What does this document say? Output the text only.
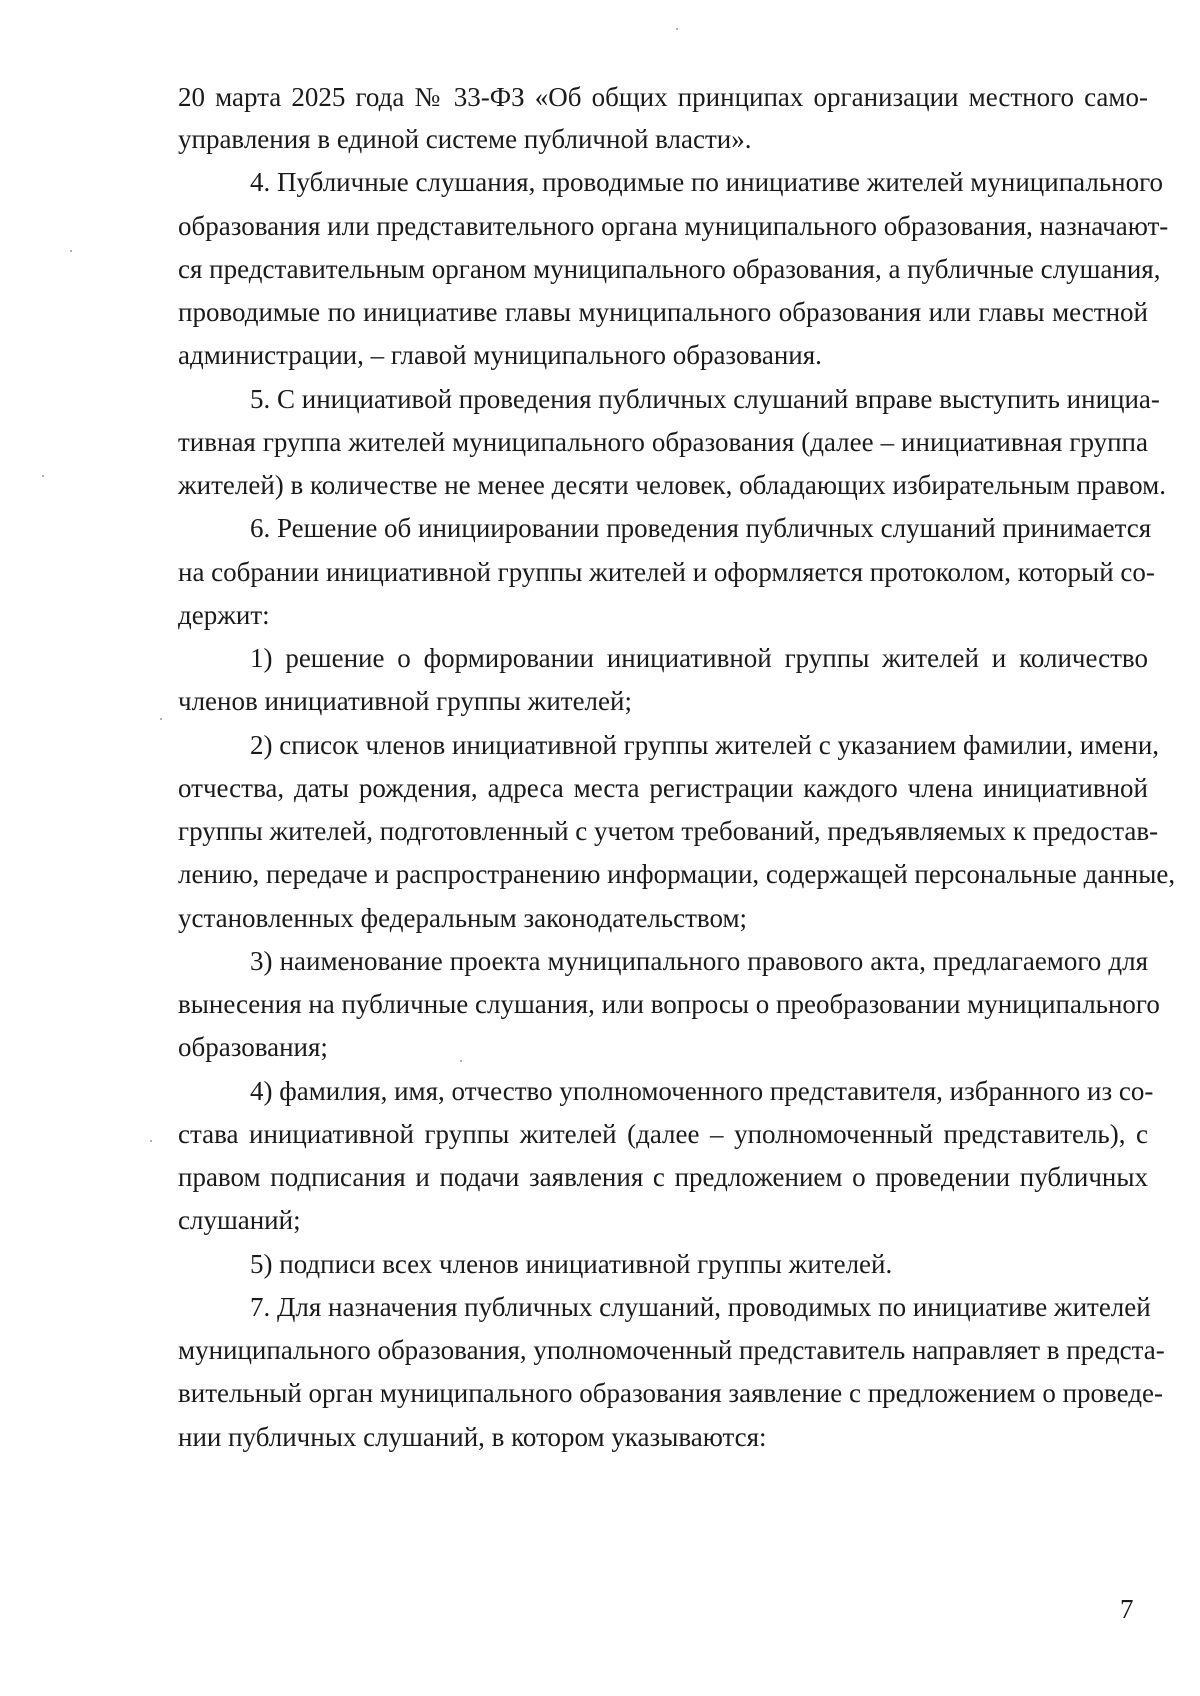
20 марта 2025 года № 33-ФЗ «Об общих принципах организации местного само-
управления в единой системе публичной власти».
4. Публичные слушания, проводимые по инициативе жителей муниципального
образования или представительного органа муниципального образования, назначают-
ся представительным органом муниципального образования, а публичные слушания,
проводимые по инициативе главы муниципального образования или главы местной
администрации, – главой муниципального образования.
5. С инициативой проведения публичных слушаний вправе выступить инициа-
тивная группа жителей муниципального образования (далее – инициативная группа
жителей) в количестве не менее десяти человек, обладающих избирательным правом.
6. Решение об инициировании проведения публичных слушаний принимается
на собрании инициативной группы жителей и оформляется протоколом, который со-
держит:
1) решение о формировании инициативной группы жителей и количество
членов инициативной группы жителей;
2) список членов инициативной группы жителей с указанием фамилии, имени,
отчества, даты рождения, адреса места регистрации каждого члена инициативной
группы жителей, подготовленный с учетом требований, предъявляемых к предостав-
лению, передаче и распространению информации, содержащей персональные данные,
установленных федеральным законодательством;
3) наименование проекта муниципального правового акта, предлагаемого для
вынесения на публичные слушания, или вопросы о преобразовании муниципального
образования;
4) фамилия, имя, отчество уполномоченного представителя, избранного из со-
става инициативной группы жителей (далее – уполномоченный представитель), с
правом подписания и подачи заявления с предложением о проведении публичных
слушаний;
5) подписи всех членов инициативной группы жителей.
7. Для назначения публичных слушаний, проводимых по инициативе жителей
муниципального образования, уполномоченный представитель направляет в предста-
вительный орган муниципального образования заявление с предложением о проведе-
нии публичных слушаний, в котором указываются:
7
